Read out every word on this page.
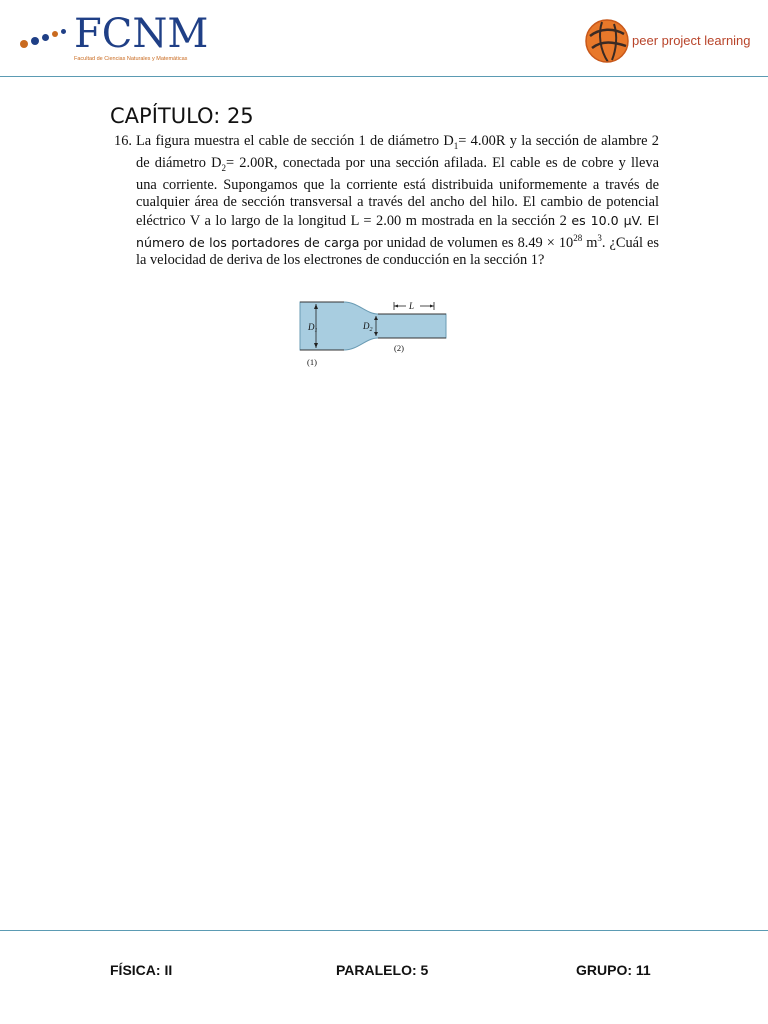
FCNM
Facultad de Ciencias Naturales y Matemáticas
peer project learning
CAPÍTULO: 25
16. La figura muestra el cable de sección 1 de diámetro $D_1= 4.00R$ y la sección de alambre 2 de diámetro $D_2= 2.00R$, conectada por una sección afilada. El cable es de cobre y lleva una corriente. Supongamos que la corriente está distribuida uniformemente a través de cualquier área de sección transversal a través del ancho del hilo. El cambio de potencial eléctrico V a lo largo de la longitud L = 2.00 m mostrada en la sección 2 es 10.0 μV. El número de los portadores de carga por unidad de volumen es $8.49 \times 10^{28}$ $m^3$. ¿Cuál es la velocidad de deriva de los electrones de conducción en la sección 1?
$D_1$	$D_2$
L
(1)
(2)
FÍSICA: II	PARALELO: 5	GRUPO: 11
